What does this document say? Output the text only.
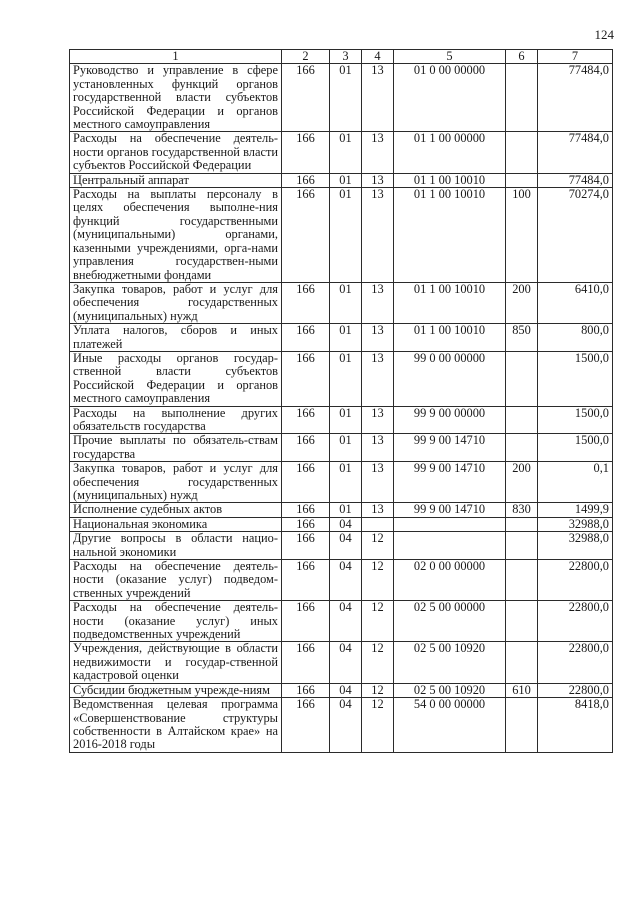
124
1	2	3	4	5	6	7
Руководство и управление в сфере установленных функций органов государственной власти субъектов Российской Федерации и органов местного самоуправления	166	01	13	01 0 00 00000		77484,0
Расходы на обеспечение деятель-ности органов государственной власти субъектов Российской Федерации	166	01	13	01 1 00 00000		77484,0
Центральный аппарат	166	01	13	01 1 00 10010		77484,0
Расходы на выплаты персоналу в целях обеспечения выполне-ния функций государственными (муниципальными) органами, казенными учреждениями, орга-нами управления государствен-ными внебюджетными фондами	166	01	13	01 1 00 10010	100	70274,0
Закупка товаров, работ и услуг для обеспечения государственных (муниципальных) нужд	166	01	13	01 1 00 10010	200	6410,0
Уплата налогов, сборов и иных платежей	166	01	13	01 1 00 10010	850	800,0
Иные расходы органов государ-ственной власти субъектов Российской Федерации и органов местного самоуправления	166	01	13	99 0 00 00000		1500,0
Расходы на выполнение других обязательств государства	166	01	13	99 9 00 00000		1500,0
Прочие выплаты по обязатель-ствам государства	166	01	13	99 9 00 14710		1500,0
Закупка товаров, работ и услуг для обеспечения государственных (муниципальных) нужд	166	01	13	99 9 00 14710	200	0,1
Исполнение судебных актов	166	01	13	99 9 00 14710	830	1499,9
Национальная экономика	166	04				32988,0
Другие вопросы в области нацио-нальной экономики	166	04	12			32988,0
Расходы на обеспечение деятель-ности (оказание услуг) подведом-ственных учреждений	166	04	12	02 0 00 00000		22800,0
Расходы на обеспечение деятель-ности (оказание услуг) иных подведомственных учреждений	166	04	12	02 5 00 00000		22800,0
Учреждения, действующие в области недвижимости и государ-ственной кадастровой оценки	166	04	12	02 5 00 10920		22800,0
Субсидии бюджетным учрежде-ниям	166	04	12	02 5 00 10920	610	22800,0
Ведомственная целевая программа «Совершенствование структуры собственности в Алтайском крае» на 2016-2018 годы	166	04	12	54 0 00 00000		8418,0
